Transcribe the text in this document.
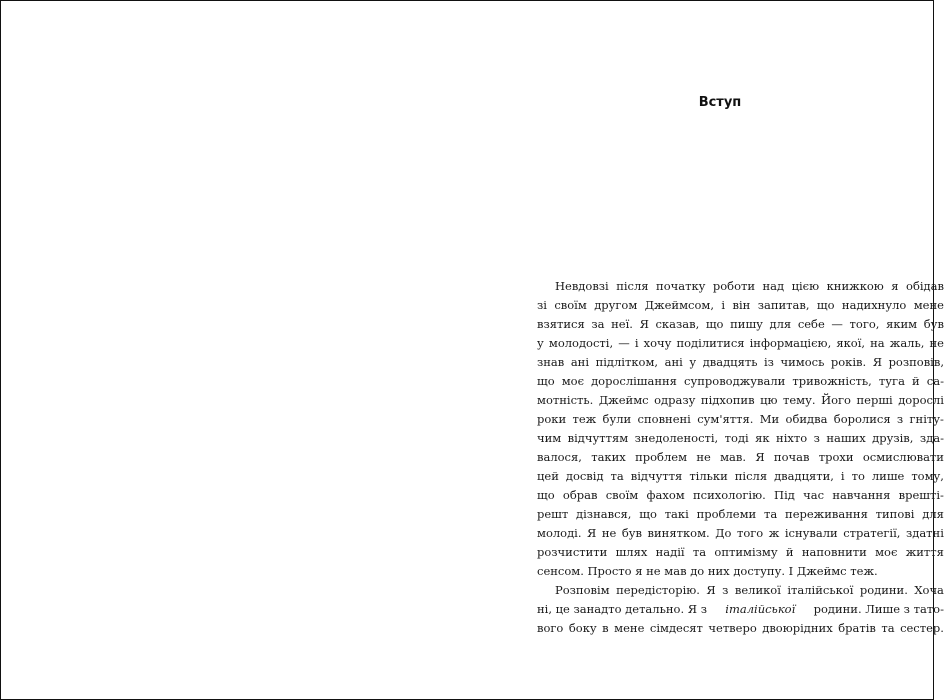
Вступ
Невдовзі після початку роботи над цією книжкою я обідав
зі своїм другом Джеймсом, і він запитав, що надихнуло мене
взятися за неї. Я сказав, що пишу для себе — того, яким був
у молодості, — і хочу поділитися інформацією, якої, на жаль, не
знав ані підлітком, ані у двадцять із чимось років. Я розповів,
що моє дорослішання супроводжували тривожність, туга й са-
мотність. Джеймс одразу підхопив цю тему. Його перші дорослі
роки теж були сповнені сум'яття. Ми обидва боролися з гніту-
чим відчуттям знедоленості, тоді як ніхто з наших друзів, зда-
валося, таких проблем не мав. Я почав трохи осмислювати
цей досвід та відчуття тільки після двадцяти, і то лише тому,
що обрав своїм фахом психологію. Під час навчання врешті-
решт дізнався, що такі проблеми та переживання типові для
молоді. Я не був винятком. До того ж існували стратегії, здатні
розчистити шлях надії та оптимізму й наповнити моє життя
сенсом. Просто я не мав до них доступу. І Джеймс теж.
Розповім передісторію. Я з великої італійської родини. Хоча
ні, це занадто детально. Я з італійської родини. Лише з тато-
вого боку в мене сімдесят четверо двоюрідних братів та сестер.
